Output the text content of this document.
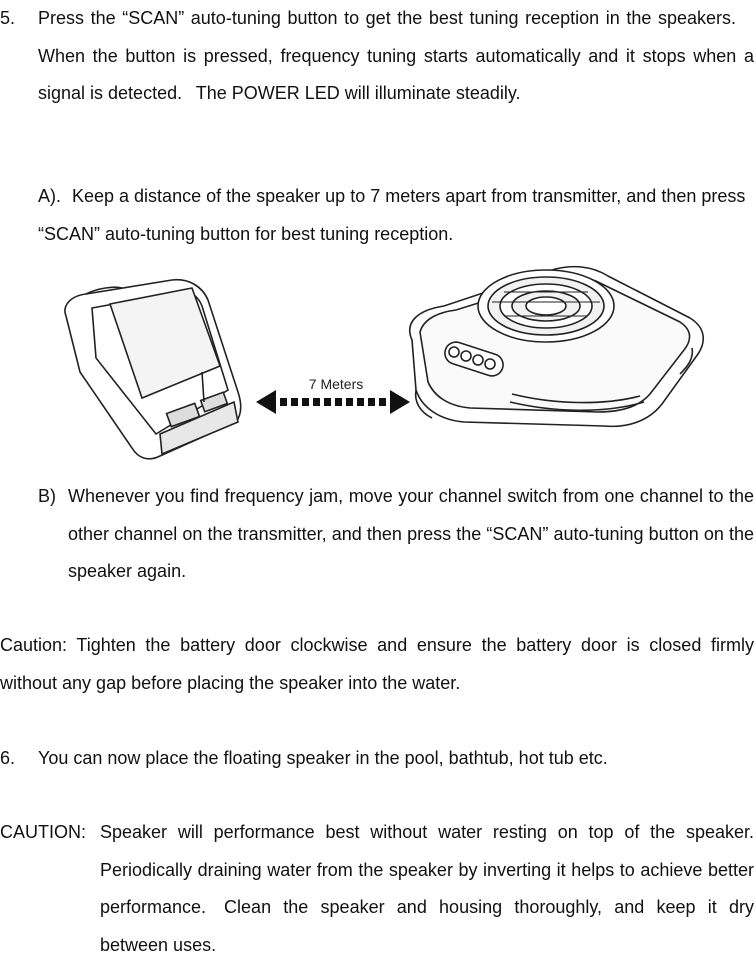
5. Press the “SCAN” auto-tuning button to get the best tuning reception in the speakers. When the button is pressed, frequency tuning starts automatically and it stops when a signal is detected.  The POWER LED will illuminate steadily.
A). Keep a distance of the speaker up to 7 meters apart from transmitter, and then press “SCAN” auto-tuning button for best tuning reception.
7 Meters
B) Whenever you find frequency jam, move your channel switch from one channel to the other channel on the transmitter, and then press the “SCAN” auto-tuning button on the speaker again.
Caution: Tighten the battery door clockwise and ensure the battery door is closed firmly without any gap before placing the speaker into the water.
6. You can now place the floating speaker in the pool, bathtub, hot tub etc.
CAUTION: Speaker will performance best without water resting on top of the speaker. Periodically draining water from the speaker by inverting it helps to achieve better performance. Clean the speaker and housing thoroughly, and keep it dry between uses.
